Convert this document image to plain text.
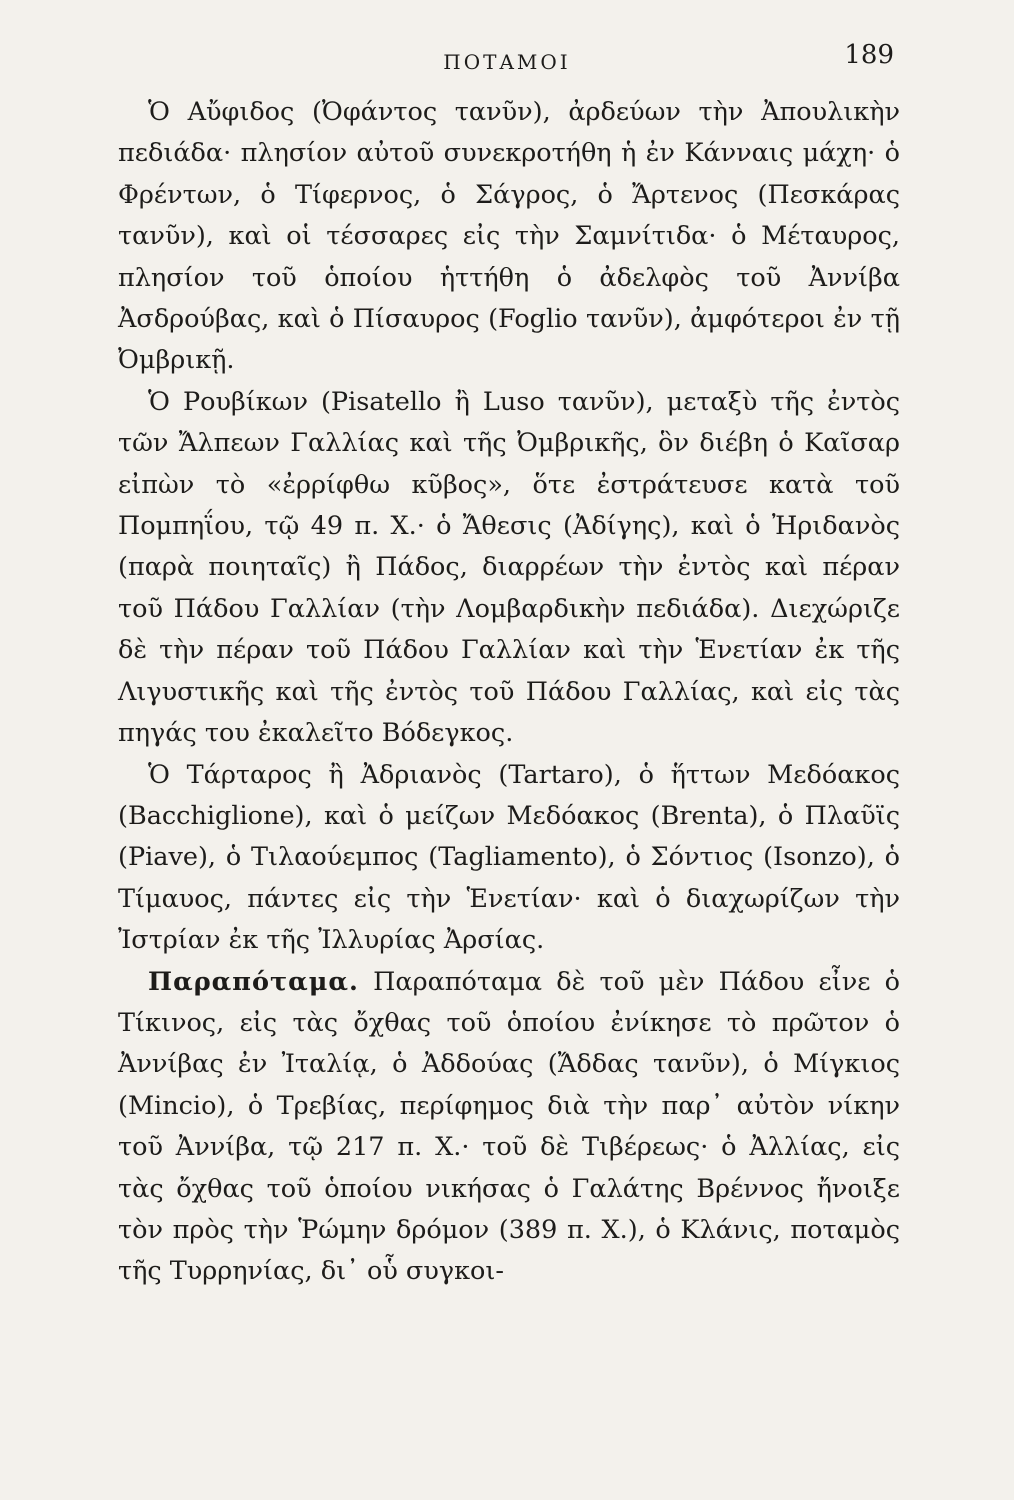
ΠΟΤΑΜΟΙ	189

Ὁ Αὔφιδος (Ὀφάντος τανῦν), ἀρδεύων τὴν Ἀπουλικὴν πεδιάδα· πλησίον αὐτοῦ συνεκροτήθη ἡ ἐν Κάνναις μάχη· ὁ Φρέντων, ὁ Τίφερνος, ὁ Σάγρος, ὁ Ἄρτενος (Πεσκάρας τανῦν), καὶ οἱ τέσσαρες εἰς τὴν Σαμνίτιδα· ὁ Μέταυρος, πλησίον τοῦ ὁποίου ἡττήθη ὁ ἀδελφὸς τοῦ Ἀννίβα Ἀσδρούβας, καὶ ὁ Πίσαυρος (Foglio τανῦν), ἀμφότεροι ἐν τῇ Ὀμβρικῇ.

Ὁ Ρουβίκων (Pisatello ἢ Luso τανῦν), μεταξὺ τῆς ἐντὸς τῶν Ἄλπεων Γαλλίας καὶ τῆς Ὀμβρικῆς, ὃν διέβη ὁ Καῖσαρ εἰπὼν τὸ «ἐρρίφθω κῦβος», ὅτε ἐστράτευσε κατὰ τοῦ Πομπηΐου, τῷ 49 π. Χ.· ὁ Ἄθεσις (Ἀδίγης), καὶ ὁ Ἠριδανὸς (παρὰ ποιηταῖς) ἢ Πάδος, διαρρέων τὴν ἐντὸς καὶ πέραν τοῦ Πάδου Γαλλίαν (τὴν Λομβαρδικὴν πεδιάδα). Διεχώριζε δὲ τὴν πέραν τοῦ Πάδου Γαλλίαν καὶ τὴν Ἑνετίαν ἐκ τῆς Λιγυστικῆς καὶ τῆς ἐντὸς τοῦ Πάδου Γαλλίας, καὶ εἰς τὰς πηγάς του ἐκαλεῖτο Βόδεγκος.

Ὁ Τάρταρος ἢ Ἀδριανὸς (Tartaro), ὁ ἥττων Μεδόακος (Bacchiglione), καὶ ὁ μείζων Μεδόακος (Brenta), ὁ Πλαῦϊς (Piave), ὁ Τιλαούεμπος (Tagliamento), ὁ Σόντιος (Isonzo), ὁ Τίμαυος, πάντες εἰς τὴν Ἑνετίαν· καὶ ὁ διαχωρίζων τὴν Ἰστρίαν ἐκ τῆς Ἰλλυρίας Ἀρσίας.

Παραπόταμα. Παραπόταμα δὲ τοῦ μὲν Πάδου εἶνε ὁ Τίκινος, εἰς τὰς ὄχθας τοῦ ὁποίου ἐνίκησε τὸ πρῶτον ὁ Ἀννίβας ἐν Ἰταλίᾳ, ὁ Ἀδδούας (Ἄδδας τανῦν), ὁ Μίγκιος (Mincio), ὁ Τρεβίας, περίφημος διὰ τὴν παρ᾽ αὐτὸν νίκην τοῦ Ἀννίβα, τῷ 217 π. Χ.· τοῦ δὲ Τιβέρεως· ὁ Ἀλλίας, εἰς τὰς ὄχθας τοῦ ὁποίου νικήσας ὁ Γαλάτης Βρέννος ἤνοιξε τὸν πρὸς τὴν Ῥώμην δρόμον (389 π. Χ.), ὁ Κλάνις, ποταμὸς τῆς Τυρρηνίας, δι᾽ οὗ συγκοι-
